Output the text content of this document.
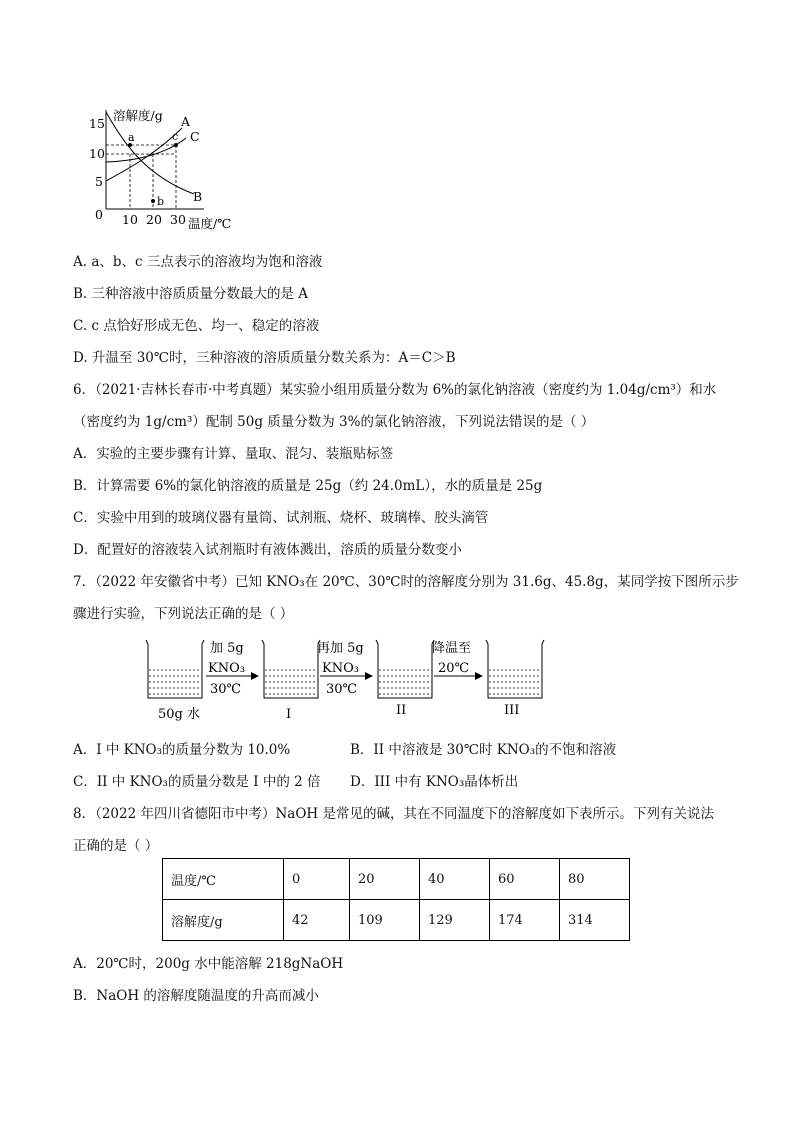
溶解度/g
15
10
5
0 10 20 30 温度/℃
A
B
C
a
b
c
A. a、b、c 三点表示的溶液均为饱和溶液
B. 三种溶液中溶质质量分数最大的是 A
C. c 点恰好形成无色、均一、稳定的溶液
D. 升温至 30℃时，三种溶液的溶质质量分数关系为：A＝C＞B
6．（2021·吉林长春市·中考真题）某实验小组用质量分数为 6%的氯化钠溶液（密度约为 1.04g/cm³）和水
（密度约为 1g/cm³）配制 50g 质量分数为 3%的氯化钠溶液，下列说法错误的是（ ）
A．实验的主要步骤有计算、量取、混匀、装瓶贴标签
B．计算需要 6%的氯化钠溶液的质量是 25g（约 24.0mL），水的质量是 25g
C．实验中用到的玻璃仪器有量筒、试剂瓶、烧杯、玻璃棒、胶头滴管
D．配置好的溶液装入试剂瓶时有液体溅出，溶质的质量分数变小
7．（2022 年安徽省中考）已知 KNO₃在 20℃、30℃时的溶解度分别为 31.6g、45.8g，某同学按下图所示步
骤进行实验，下列说法正确的是（ ）
加 5g
KNO₃
30℃
再加 5g
KNO₃
30℃
降温至
20℃
50g 水	I	II	III
A．I 中 KNO₃的质量分数为 10.0%	B．II 中溶液是 30℃时 KNO₃的不饱和溶液
C．II 中 KNO₃的质量分数是 I 中的 2 倍 D．III 中有 KNO₃晶体析出
8．（2022 年四川省德阳市中考）NaOH 是常见的碱，其在不同温度下的溶解度如下表所示。下列有关说法
正确的是（ ）
温度/℃	0	20	40	60	80
溶解度/g	42	109	129	174	314
A．20℃时，200g 水中能溶解 218gNaOH
B．NaOH 的溶解度随温度的升高而减小
